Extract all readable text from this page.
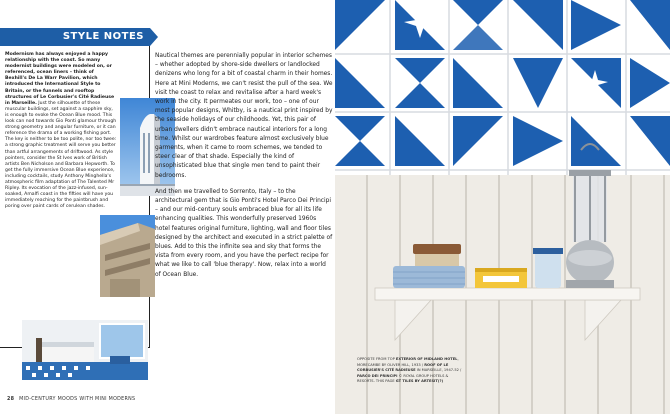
STYLE NOTES
Modernism has always enjoyed a happy relationship with the coast. So many modernist buildings were modeled on, or referenced, ocean liners – think of Bexhill's De La Warr Pavilion, which introduced the International Style to Britain, or the funnels and rooftop structures of Le Corbusier's Cité Radieuse in Marseille. Just the silhouette of these muscular buildings, set against a sapphire sky, is enough to evoke the Ocean Blue mood. This look can nod towards Gio Ponti glamour through strong geometry and angular furniture, or it can reference the drama of a working fishing port. The key is neither to be too polite, nor too twee: a strong graphic treatment will serve you better than artful arrangements of driftwood. As style pointers, consider the St Ives work of British artists Ben Nicholson and Barbara Hepworth. To get the fully immersive Ocean Blue experience, including cocktails, study Anthony Minghella's atmospheric film adaptation of The Talented Mr Ripley. Its evocation of the jazz-infused, sun-soaked, Amalfi coast in the fifties will have you immediately reaching for the paintbrush and poring over paint cards of cerulean shades.

Nautical themes are perennially popular in interior schemes – whether adopted by shore-side dwellers or landlocked denizens who long for a bit of coastal charm in their homes. Here at Mini Moderns, we can't resist the pull of the sea. We visit the coast to relax and revitalise after a hard week's work in the city. It permeates our work, too – one of our most popular designs, Whitby, is a nautical print inspired by the seaside holidays of our childhoods. Yet, this pair of urban dwellers didn't embrace nautical interiors for a long time. Whilst our wardrobes feature almost exclusively blue garments, when it came to room schemes, we tended to steer clear of that shade. Especially the kind of unsophisticated blue that single men tend to paint their bedrooms.

And then we travelled to Sorrento, Italy – to the architectural gem that is Gio Ponti's Hotel Parco Dei Principi – and our mid-century souls embraced blue for all its life enhancing qualities. This wonderfully preserved 1960s hotel features original furniture, lighting, wall and floor tiles designed by the architect and executed in a strict palette of blues. Add to this the infinite sea and sky that forms the vista from every room, and you have the perfect recipe for what we like to call 'blue therapy'. Now, relax into a world of Ocean Blue.

28 MID-CENTURY MOODS WITH MINI MODERNS
OPPOSITE FROM TOP EXTERIOR OF MIDLAND HOTEL, MORECAMBE BY OLIVER HILL, 1933 / ROOF OF LE CORBUSIER'S CITÉ RADIEUSE IN MARSEILLE, 1947-52 / PARCO DEI PRINCIPI © ROYAL GROUP HOTELS & RESORTS. THIS PAGE GT TILES BY ARTESIT(?)
